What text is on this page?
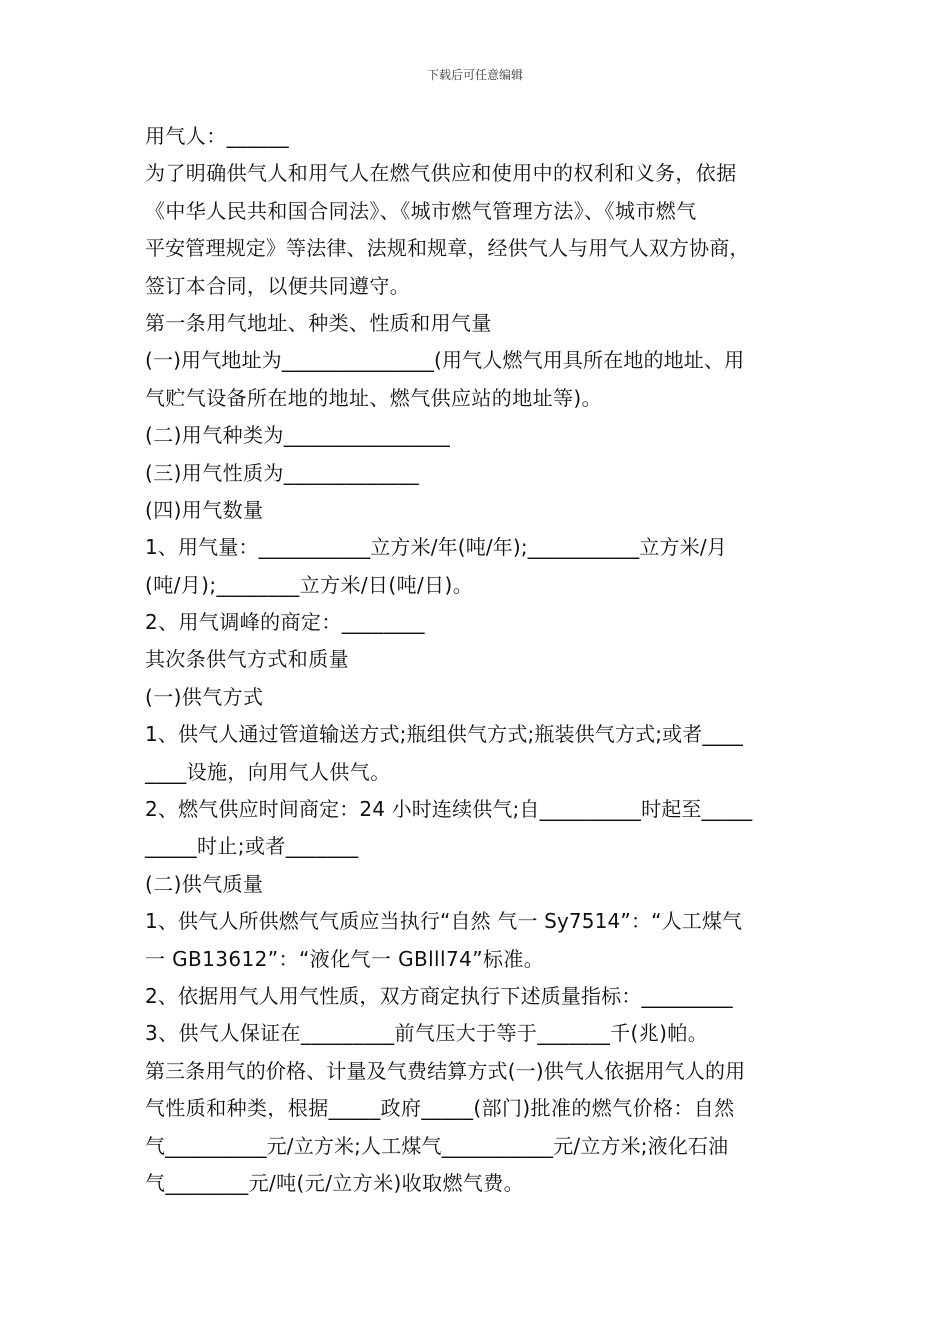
下载后可任意编辑
用气人：______
为了明确供气人和用气人在燃气供应和使用中的权利和义务，依据
《中华人民共和国合同法》、《城市燃气管理方法》、《城市燃气
平安管理规定》等法律、法规和规章，经供气人与用气人双方协商，
签订本合同，以便共同遵守。
第一条用气地址、种类、性质和用气量
(一)用气地址为_______________(用气人燃气用具所在地的地址、用
气贮气设备所在地的地址、燃气供应站的地址等)。
(二)用气种类为________________
(三)用气性质为_____________
(四)用气数量
1、用气量：___________立方米/年(吨/年);___________立方米/月
(吨/月);________立方米/日(吨/日)。
2、用气调峰的商定：________
其次条供气方式和质量
(一)供气方式
1、供气人通过管道输送方式;瓶组供气方式;瓶装供气方式;或者____
____设施，向用气人供气。
2、燃气供应时间商定：24 小时连续供气;自__________时起至_____
_____时止;或者_______
(二)供气质量
1、供气人所供燃气气质应当执行“自然 气一 Sy7514”：“人工煤气
一 GB13612”：“液化气一 GBlll74”标准。
2、依据用气人用气性质，双方商定执行下述质量指标：_________
3、供气人保证在_________前气压大于等于_______千(兆)帕。
第三条用气的价格、计量及气费结算方式(一)供气人依据用气人的用
气性质和种类，根据_____政府_____(部门)批准的燃气价格：自然
气__________元/立方米;人工煤气___________元/立方米;液化石油
气________元/吨(元/立方米)收取燃气费。
